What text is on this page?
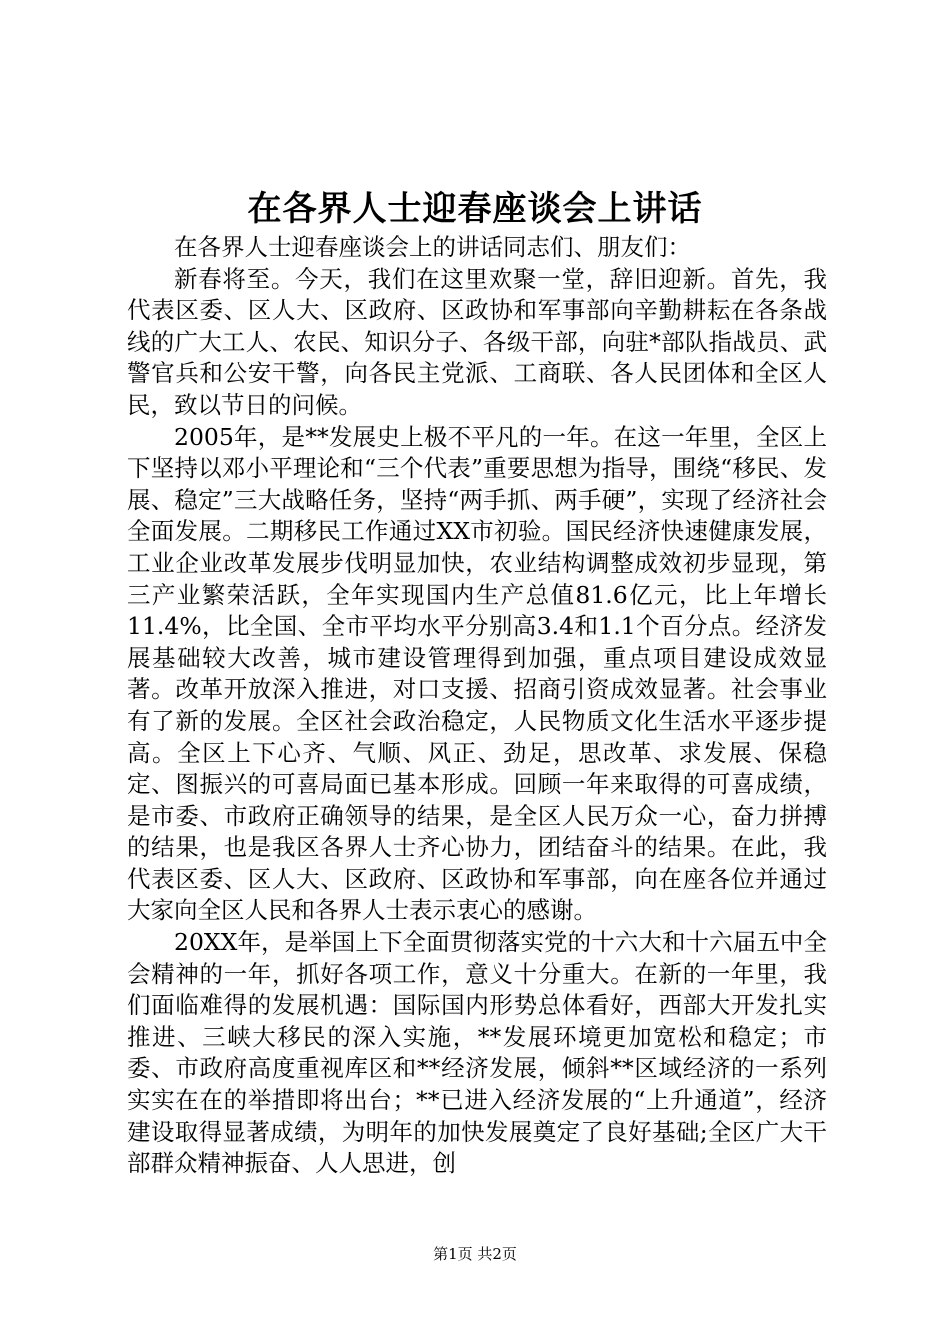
在各界人士迎春座谈会上讲话

在各界人士迎春座谈会上的讲话同志们、朋友们：

新春将至。今天，我们在这里欢聚一堂，辞旧迎新。首先，我代表区委、区人大、区政府、区政协和军事部向辛勤耕耘在各条战线的广大工人、农民、知识分子、各级干部，向驻*部队指战员、武警官兵和公安干警，向各民主党派、工商联、各人民团体和全区人民，致以节日的问候。

2005年，是**发展史上极不平凡的一年。在这一年里，全区上下坚持以邓小平理论和“三个代表”重要思想为指导，围绕“移民、发展、稳定”三大战略任务，坚持“两手抓、两手硬”，实现了经济社会全面发展。二期移民工作通过XX市初验。国民经济快速健康发展，工业企业改革发展步伐明显加快，农业结构调整成效初步显现，第三产业繁荣活跃，全年实现国内生产总值81.6亿元，比上年增长11.4%，比全国、全市平均水平分别高3.4和1.1个百分点。经济发展基础较大改善，城市建设管理得到加强，重点项目建设成效显著。改革开放深入推进，对口支援、招商引资成效显著。社会事业有了新的发展。全区社会政治稳定，人民物质文化生活水平逐步提高。全区上下心齐、气顺、风正、劲足，思改革、求发展、保稳定、图振兴的可喜局面已基本形成。回顾一年来取得的可喜成绩，是市委、市政府正确领导的结果，是全区人民万众一心，奋力拼搏的结果，也是我区各界人士齐心协力，团结奋斗的结果。在此，我代表区委、区人大、区政府、区政协和军事部，向在座各位并通过大家向全区人民和各界人士表示衷心的感谢。

20XX年，是举国上下全面贯彻落实党的十六大和十六届五中全会精神的一年，抓好各项工作，意义十分重大。在新的一年里，我们面临难得的发展机遇：国际国内形势总体看好，西部大开发扎实推进、三峡大移民的深入实施，**发展环境更加宽松和稳定；市委、市政府高度重视库区和**经济发展，倾斜**区域经济的一系列实实在在的举措即将出台；**已进入经济发展的“上升通道”，经济建设取得显著成绩，为明年的加快发展奠定了良好基础;全区广大干部群众精神振奋、人人思进，创

第1页 共2页
